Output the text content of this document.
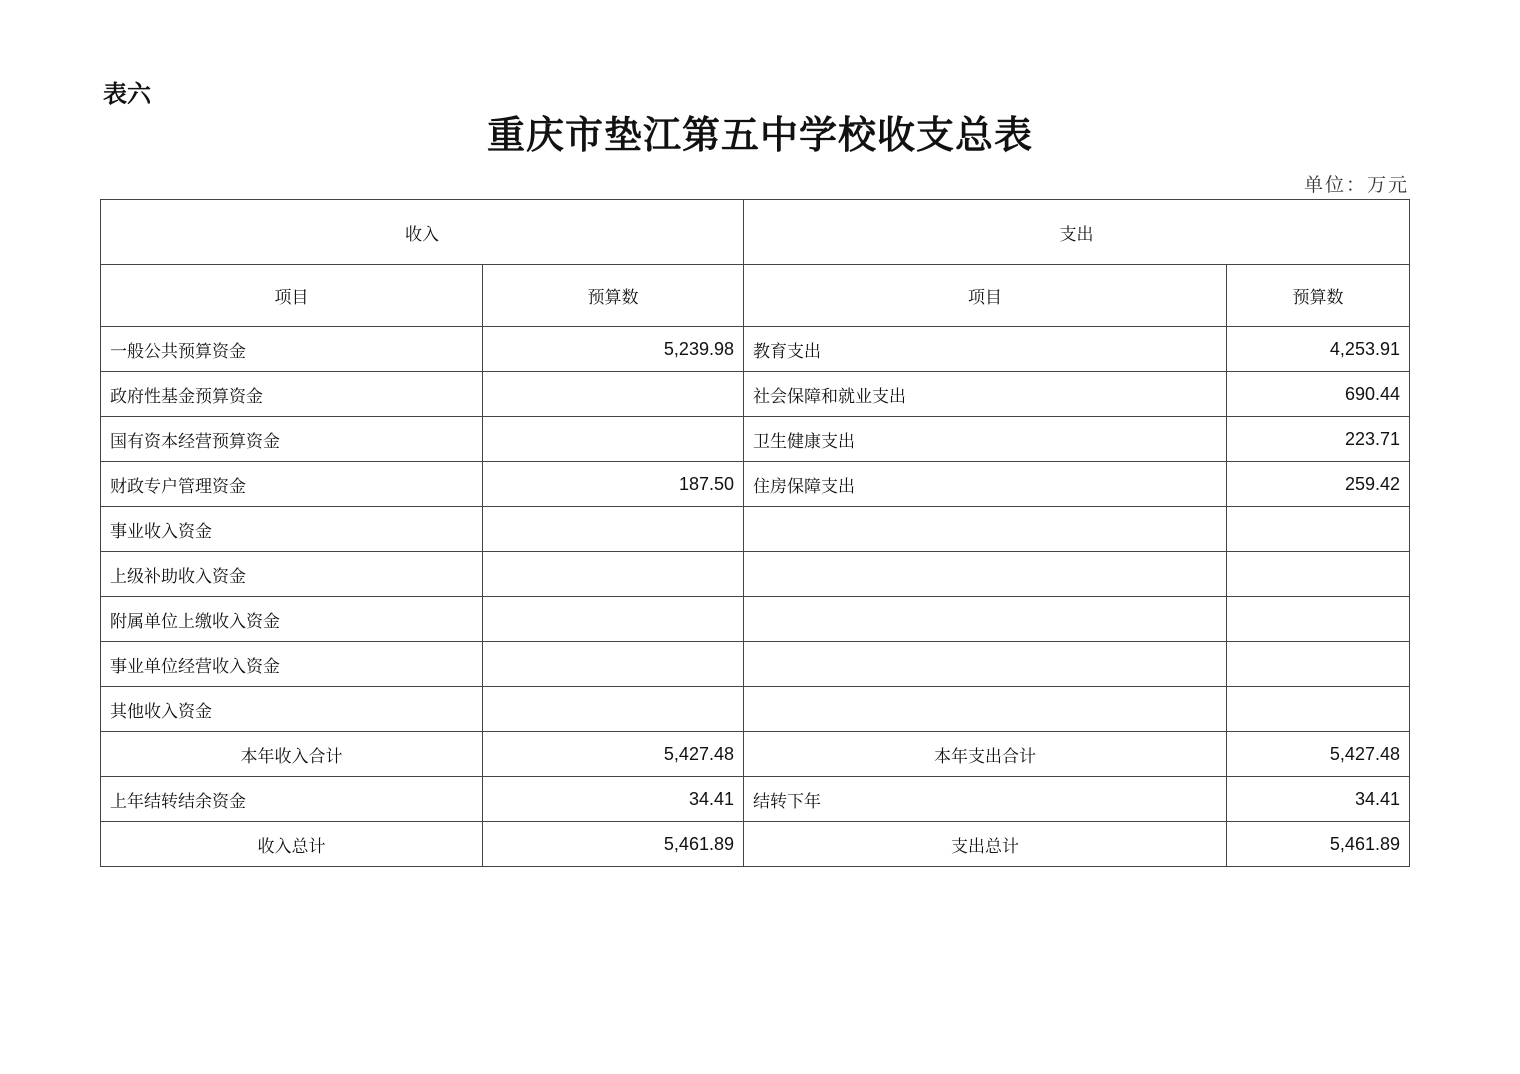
表六
重庆市垫江第五中学校收支总表
单位：万元
收入		支出	
项目	预算数	项目	预算数
一般公共预算资金	5,239.98	教育支出	4,253.91
政府性基金预算资金		社会保障和就业支出	690.44
国有资本经营预算资金		卫生健康支出	223.71
财政专户管理资金	187.50	住房保障支出	259.42
事业收入资金			
上级补助收入资金			
附属单位上缴收入资金			
事业单位经营收入资金			
其他收入资金			
本年收入合计	5,427.48	本年支出合计	5,427.48
上年结转结余资金	34.41	结转下年	34.41
收入总计	5,461.89	支出总计	5,461.89
